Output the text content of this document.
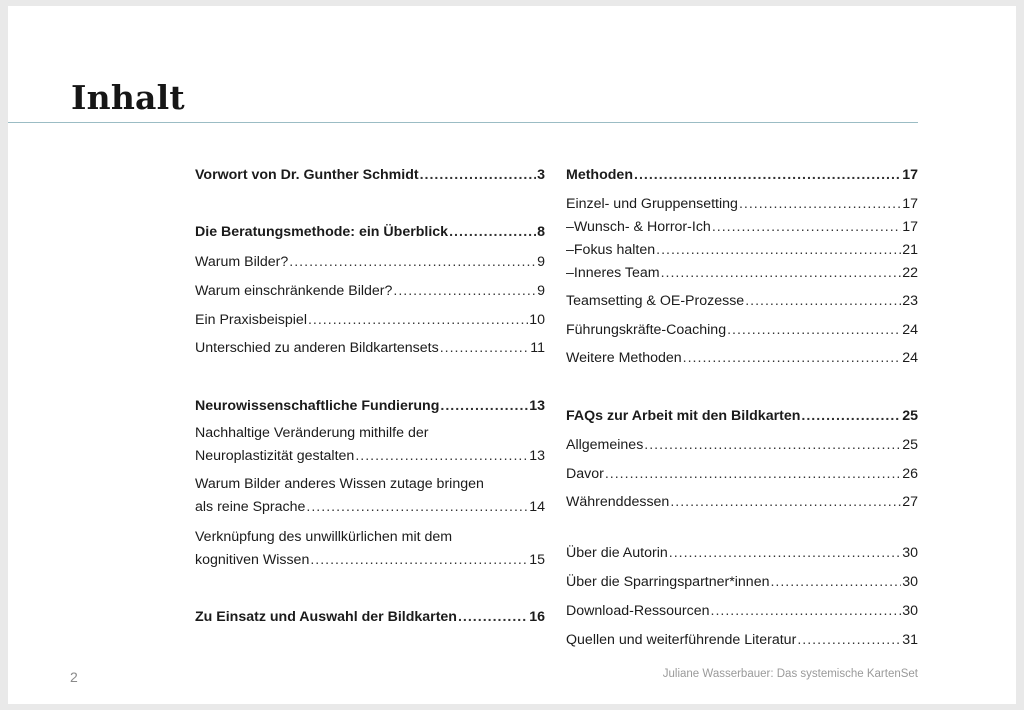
Inhalt
Vorwort von Dr. Gunther Schmidt .....	3
Die Beratungsmethode: ein Überblick .....	8
Warum Bilder? .....	9
Warum einschränkende Bilder? .....	9
Ein Praxisbeispiel .....	10
Unterschied zu anderen Bildkartensets .....	11
Neurowissenschaftliche Fundierung .....	13
Nachhaltige Veränderung mithilfe der
Neuroplastizität gestalten .....	13
Warum Bilder anderes Wissen zutage bringen
als reine Sprache .....	14
Verknüpfung des unwillkürlichen mit dem
kognitiven Wissen .....	15
Zu Einsatz und Auswahl der Bildkarten .....	16
Methoden .....	17
Einzel- und Gruppensetting .....	17
– Wunsch- & Horror-Ich .....	17
– Fokus halten .....	21
– Inneres Team .....	22
Teamsetting & OE-Prozesse .....	23
Führungskräfte-Coaching .....	24
Weitere Methoden .....	24
FAQs zur Arbeit mit den Bildkarten .....	25
Allgemeines .....	25
Davor .....	26
Währenddessen .....	27
Über die Autorin .....	30
Über die Sparringspartner*innen .....	30
Download-Ressourcen .....	30
Quellen und weiterführende Literatur .....	31
2	Juliane Wasserbauer: Das systemische KartenSet
